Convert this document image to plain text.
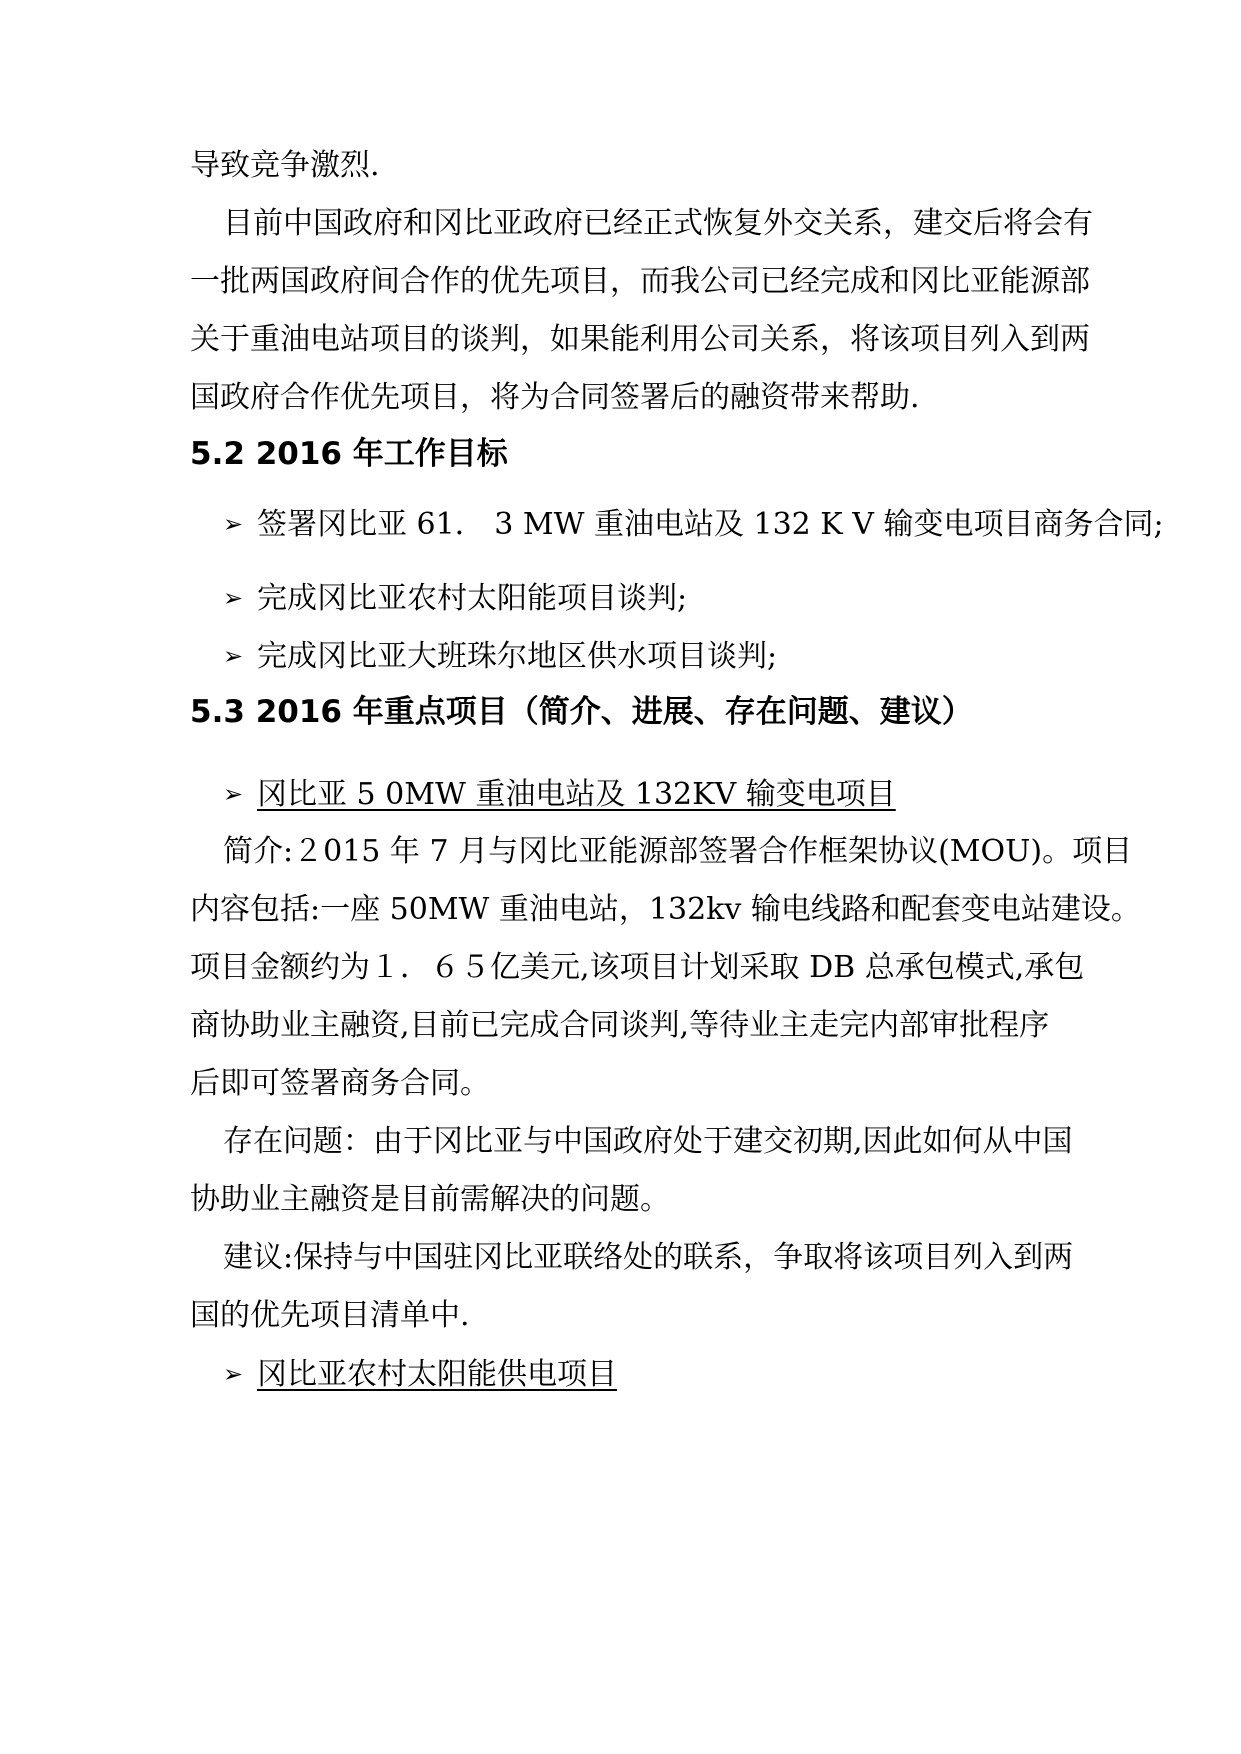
导致竞争激烈.
目前中国政府和冈比亚政府已经正式恢复外交关系，建交后将会有
一批两国政府间合作的优先项目，而我公司已经完成和冈比亚能源部
关于重油电站项目的谈判，如果能利用公司关系，将该项目列入到两
国政府合作优先项目，将为合同签署后的融资带来帮助.
5.2 2016 年工作目标
➢ 签署冈比亚 61． 3 MW 重油电站及 132 K V 输变电项目商务合同;
➢ 完成冈比亚农村太阳能项目谈判;
➢ 完成冈比亚大班珠尔地区供水项目谈判;
5.3 2016 年重点项目（简介、进展、存在问题、建议）
➢ 冈比亚 5 0MW 重油电站及 132KV 输变电项目
简介:２015 年 7 月与冈比亚能源部签署合作框架协议(MOU)。项目
内容包括:一座 50MW 重油电站，132kv 输电线路和配套变电站建设。
项目金额约为１．６５亿美元,该项目计划采取 DB 总承包模式,承包
商协助业主融资,目前已完成合同谈判,等待业主走完内部审批程序
后即可签署商务合同。
存在问题：由于冈比亚与中国政府处于建交初期,因此如何从中国
协助业主融资是目前需解决的问题。
建议:保持与中国驻冈比亚联络处的联系，争取将该项目列入到两
国的优先项目清单中.
➢ 冈比亚农村太阳能供电项目
